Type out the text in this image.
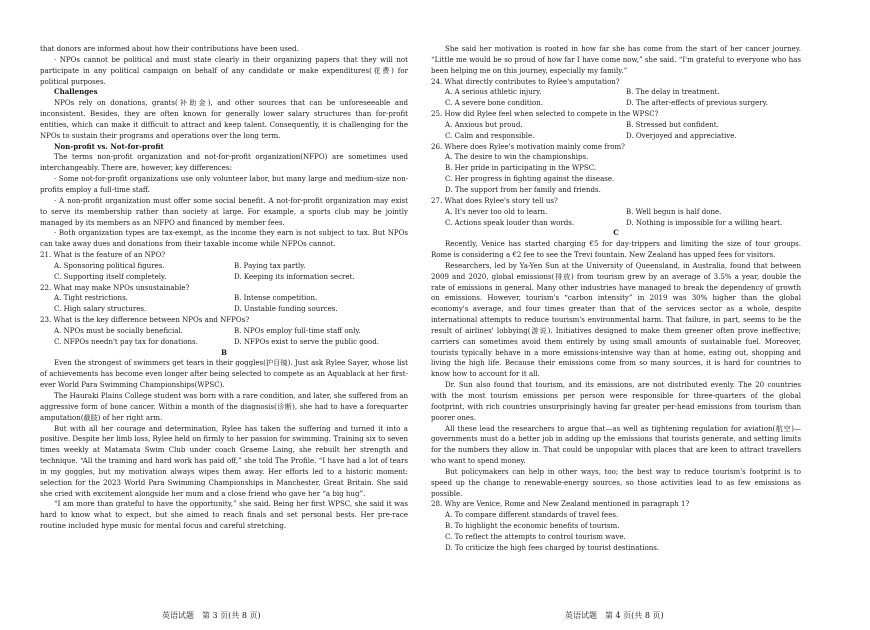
that donors are informed about how their contributions have been used.

· NPOs cannot be political and must state clearly in their organizing papers that they will not participate in any political campaign on behalf of any candidate or make expenditures(花费) for political purposes.

Challenges

NPOs rely on donations, grants(补助金), and other sources that can be unforeseeable and inconsistent. Besides, they are often known for generally lower salary structures than for-profit entities, which can make it difficult to attract and keep talent. Consequently, it is challenging for the NPOs to sustain their programs and operations over the long term.

Non-profit vs. Not-for-profit

The terms non-profit organization and not-for-profit organization(NFPO) are sometimes used interchangeably. There are, however, key differences:

· Some not-for-profit organizations use only volunteer labor, but many large and medium-size non-profits employ a full-time staff.

· A non-profit organization must offer some social benefit. A not-for-profit organization may exist to serve its membership rather than society at large. For example, a sports club may be jointly managed by its members as an NFPO and financed by member fees.

· Both organization types are tax-exempt, as the income they earn is not subject to tax. But NPOs can take away dues and donations from their taxable income while NFPOs cannot.

21. What is the feature of an NPO?

A. Sponsoring political figures.	B. Paying tax partly.
C. Supporting itself completely.	D. Keeping its information secret.

22. What may make NPOs unsustainable?

A. Tight restrictions.	B. Intense competition.
C. High salary structures.	D. Unstable funding sources.

23. What is the key difference between NPOs and NFPOs?

A. NPOs must be socially beneficial.	B. NPOs employ full-time staff only.
C. NFPOs needn't pay tax for donations.	D. NFPOs exist to serve the public good.

B

Even the strongest of swimmers get tears in their goggles(护目镜). Just ask Rylee Sayer, whose list of achievements has become even longer after being selected to compete as an Aquablack at her first-ever World Para Swimming Championships(WPSC).

The Hauraki Plains College student was born with a rare condition, and later, she suffered from an aggressive form of bone cancer. Within a month of the diagnosis(诊断), she had to have a forequarter amputation(截肢) of her right arm.

But with all her courage and determination, Rylee has taken the suffering and turned it into a positive. Despite her limb loss, Rylee held on firmly to her passion for swimming. Training six to seven times weekly at Matamata Swim Club under coach Graeme Laing, she rebuilt her strength and technique. “All the training and hard work has paid off,” she told The Profile. “I have had a lot of tears in my goggles, but my motivation always wipes them away. Her efforts led to a historic moment: selection for the 2023 World Para Swimming Championships in Manchester, Great Britain. She said she cried with excitement alongside her mum and a close friend who gave her “a big hug”.

“I am more than grateful to have the opportunity,” she said. Being her first WPSC, she said it was hard to know what to expect, but she aimed to reach finals and set personal bests. Her pre-race routine included hype music for mental focus and careful stretching.

She said her motivation is rooted in how far she has come from the start of her cancer journey. “Little me would be so proud of how far I have come now,” she said. “I'm grateful to everyone who has been helping me on this journey, especially my family.”

24. What directly contributes to Rylee's amputation?

A. A serious athletic injury.	B. The delay in treatment.
C. A severe bone condition.	D. The after-effects of previous surgery.

25. How did Rylee feel when selected to compete in the WPSC?

A. Anxious but proud.	B. Stressed but confident.
C. Calm and responsible.	D. Overjoyed and appreciative.

26. Where does Rylee's motivation mainly come from?

A. The desire to win the championships.
B. Her pride in participating in the WPSC.
C. Her progress in fighting against the disease.
D. The support from her family and friends.

27. What does Rylee's story tell us?

A. It's never too old to learn.	B. Well begun is half done.
C. Actions speak louder than words.	D. Nothing is impossible for a willing heart.

C

Recently, Venice has started charging €5 for day-trippers and limiting the size of tour groups. Rome is considering a €2 fee to see the Trevi fountain. New Zealand has upped fees for visitors.

Researchers, led by Ya-Yen Sun at the University of Queensland, in Australia, found that between 2009 and 2020, global emissions(排放) from tourism grew by an average of 3.5% a year, double the rate of emissions in general. Many other industries have managed to break the dependency of growth on emissions. However, tourism's “carbon intensity” in 2019 was 30% higher than the global economy's average, and four times greater than that of the services sector as a whole, despite international attempts to reduce tourism's environmental harm. That failure, in part, seems to be the result of airlines' lobbying(游说). Initiatives designed to make them greener often prove ineffective; carriers can sometimes avoid them entirely by using small amounts of sustainable fuel. Moreover, tourists typically behave in a more emissions-intensive way than at home, eating out, shopping and living the high life. Because their emissions come from so many sources, it is hard for countries to know how to account for it all.

Dr. Sun also found that tourism, and its emissions, are not distributed evenly. The 20 countries with the most tourism emissions per person were responsible for three-quarters of the global footprint, with rich countries unsurprisingly having far greater per-head emissions from tourism than poorer ones.

All these lead the researchers to argue that—as well as tightening regulation for aviation(航空)—governments must do a better job in adding up the emissions that tourists generate, and setting limits for the numbers they allow in. That could be unpopular with places that are keen to attract travellers who want to spend money.

But policymakers can help in other ways, too; the best way to reduce tourism's footprint is to speed up the change to renewable-energy sources, so those activities lead to as few emissions as possible.

28. Why are Venice, Rome and New Zealand mentioned in paragraph 1?

A. To compare different standards of travel fees.
B. To highlight the economic benefits of tourism.
C. To reflect the attempts to control tourism wave.
D. To criticize the high fees charged by tourist destinations.
英语试题　第 3 页(共 8 页)	英语试题　第 4 页(共 8 页)
